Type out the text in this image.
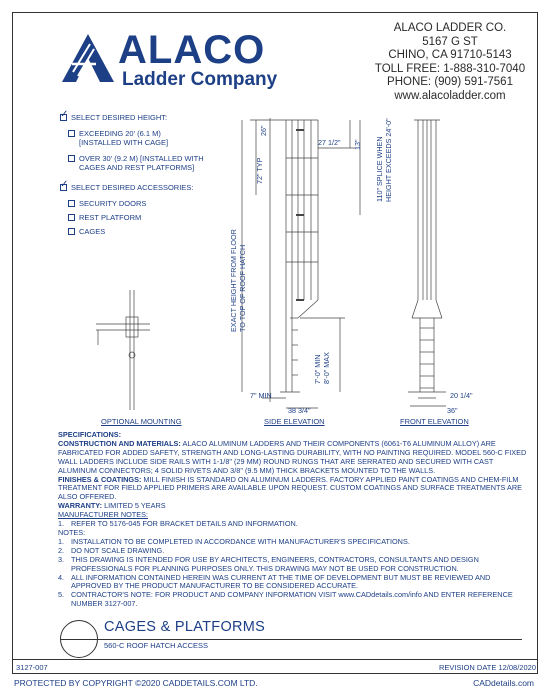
ALACO
Ladder Company
ALACO LADDER CO.
5167 G ST
CHINO, CA 91710-5143
TOLL FREE: 1-888-310-7040
PHONE: (909) 591-7561
www.alacoladder.com
✓ SELECT DESIRED HEIGHT:
EXCEEDING 20' (6.1 M)
[INSTALLED WITH CAGE]
OVER 30' (9.2 M) [INSTALLED WITH
CAGES AND REST PLATFORMS]
✓ SELECT DESIRED ACCESSORIES:
SECURITY DOORS
REST PLATFORM
CAGES
26"
72" TYP
27 1/2" 13" 110" SPLICE WHEN HEIGHT EXCEEDS 24'-0"
EXACT HEIGHT FROM FLOOR TO TOP OF ROOF HATCH
7'-0" MIN 8'-0" MAX
7" MIN
38 3/4"
20 1/4"
36"
OPTIONAL MOUNTING	SIDE ELEVATION	FRONT ELEVATION
SPECIFICATIONS:
CONSTRUCTION AND MATERIALS: ALACO ALUMINUM LADDERS AND THEIR COMPONENTS (6061-T6 ALUMINUM ALLOY) ARE FABRICATED FOR ADDED SAFETY, STRENGTH AND LONG-LASTING DURABILITY, WITH NO PAINTING REQUIRED. MODEL 560-C FIXED WALL LADDERS INCLUDE SIDE RAILS WITH 1-1/8" (29 MM) ROUND RUNGS THAT ARE SERRATED AND SECURED WITH CAST ALUMINUM CONNECTORS; 4 SOLID RIVETS AND 3/8" (9.5 MM) THICK BRACKETS MOUNTED TO THE WALLS.
FINISHES & COATINGS: MILL FINISH IS STANDARD ON ALUMINUM LADDERS. FACTORY APPLIED PAINT COATINGS AND CHEM-FILM TREATMENT FOR FIELD APPLIED PRIMERS ARE AVAILABLE UPON REQUEST. CUSTOM COATINGS AND SURFACE TREATMENTS ARE ALSO OFFERED.
WARRANTY: LIMITED 5 YEARS
MANUFACTURER NOTES:
1. REFER TO 5176-045 FOR BRACKET DETAILS AND INFORMATION.
NOTES:
1. INSTALLATION TO BE COMPLETED IN ACCORDANCE WITH MANUFACTURER'S SPECIFICATIONS.
2. DO NOT SCALE DRAWING.
3. THIS DRAWING IS INTENDED FOR USE BY ARCHITECTS, ENGINEERS, CONTRACTORS, CONSULTANTS AND DESIGN PROFESSIONALS FOR PLANNING PURPOSES ONLY. THIS DRAWING MAY NOT BE USED FOR CONSTRUCTION.
4. ALL INFORMATION CONTAINED HEREIN WAS CURRENT AT THE TIME OF DEVELOPMENT BUT MUST BE REVIEWED AND APPROVED BY THE PRODUCT MANUFACTURER TO BE CONSIDERED ACCURATE.
5. CONTRACTOR'S NOTE: FOR PRODUCT AND COMPANY INFORMATION VISIT www.CADdetails.com/info AND ENTER REFERENCE NUMBER 3127-007.
CAGES & PLATFORMS
560-C ROOF HATCH ACCESS
3127-007	REVISION DATE 12/08/2020
PROTECTED BY COPYRIGHT ©2020 CADDETAILS.COM LTD.	CADdetails.com
